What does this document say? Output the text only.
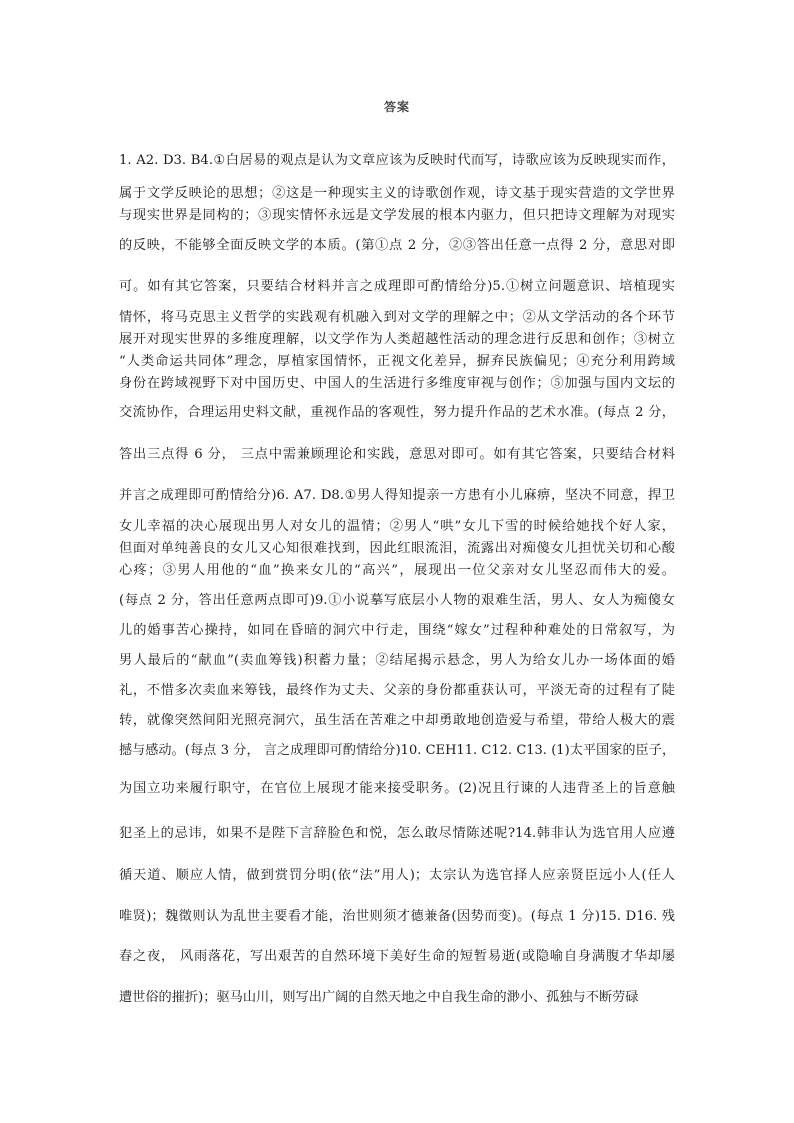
答案
1. A2. D3. B4.①白居易的观点是认为文章应该为反映时代而写，诗歌应该为反映现实而作，
属于文学反映论的思想；②这是一种现实主义的诗歌创作观，诗文基于现实营造的文学世界
与现实世界是同构的；③现实情怀永远是文学发展的根本内驱力，但只把诗文理解为对现实
的反映，不能够全面反映文学的本质。(第①点 2 分，②③答出任意一点得 2 分，意思对即
可。如有其它答案，只要结合材料并言之成理即可酌情给分)5.①树立问题意识、培植现实
情怀，将马克思主义哲学的实践观有机融入到对文学的理解之中；②从文学活动的各个环节
展开对现实世界的多维度理解，以文学作为人类超越性活动的理念进行反思和创作；③树立
“人类命运共同体”理念，厚植家国情怀，正视文化差异，摒弃民族偏见；④充分利用跨域
身份在跨域视野下对中国历史、中国人的生活进行多维度审视与创作；⑤加强与国内文坛的
交流协作，合理运用史料文献，重视作品的客观性，努力提升作品的艺术水准。(每点 2 分，
答出三点得 6 分， 三点中需兼顾理论和实践，意思对即可。如有其它答案，只要结合材料
并言之成理即可酌情给分)6. A7. D8.①男人得知提亲一方患有小儿麻痹，坚决不同意，捍卫
女儿幸福的决心展现出男人对女儿的温情；②男人“哄”女儿下雪的时候给她找个好人家，
但面对单纯善良的女儿又心知很难找到，因此红眼流泪，流露出对痴傻女儿担忧关切和心酸
心疼；③男人用他的“血”换来女儿的“高兴”，展现出一位父亲对女儿坚忍而伟大的爱。
(每点 2 分，答出任意两点即可)9.①小说摹写底层小人物的艰难生活，男人、女人为痴傻女
儿的婚事苦心操持，如同在昏暗的洞穴中行走，围绕“嫁女”过程种种难处的日常叙写，为
男人最后的“献血”(卖血筹钱)积蓄力量；②结尾揭示悬念，男人为给女儿办一场体面的婚
礼，不惜多次卖血来筹钱，最终作为丈夫、父亲的身份都重获认可，平淡无奇的过程有了陡
转，就像突然间阳光照亮洞穴，虽生活在苦难之中却勇敢地创造爱与希望，带给人极大的震
撼与感动。(每点 3 分， 言之成理即可酌情给分)10. CEH11. C12. C13. (1)太平国家的臣子，
为国立功来履行职守，在官位上展现才能来接受职务。(2)况且行谏的人违背圣上的旨意触
犯圣上的忌讳，如果不是陛下言辞脸色和悦，怎么敢尽情陈述呢?14.韩非认为选官用人应遵
循天道、顺应人情，做到赏罚分明(依“法”用人)；太宗认为选官择人应亲贤臣远小人(任人
唯贤)；魏徵则认为乱世主要看才能，治世则须才德兼备(因势而变)。(每点 1 分)15. D16. 残
春之夜， 风雨落花，写出艰苦的自然环境下美好生命的短暂易逝(或隐喻自身满腹才华却屡
遭世俗的摧折)；驱马山川，则写出广阔的自然天地之中自我生命的渺小、孤独与不断劳碌
